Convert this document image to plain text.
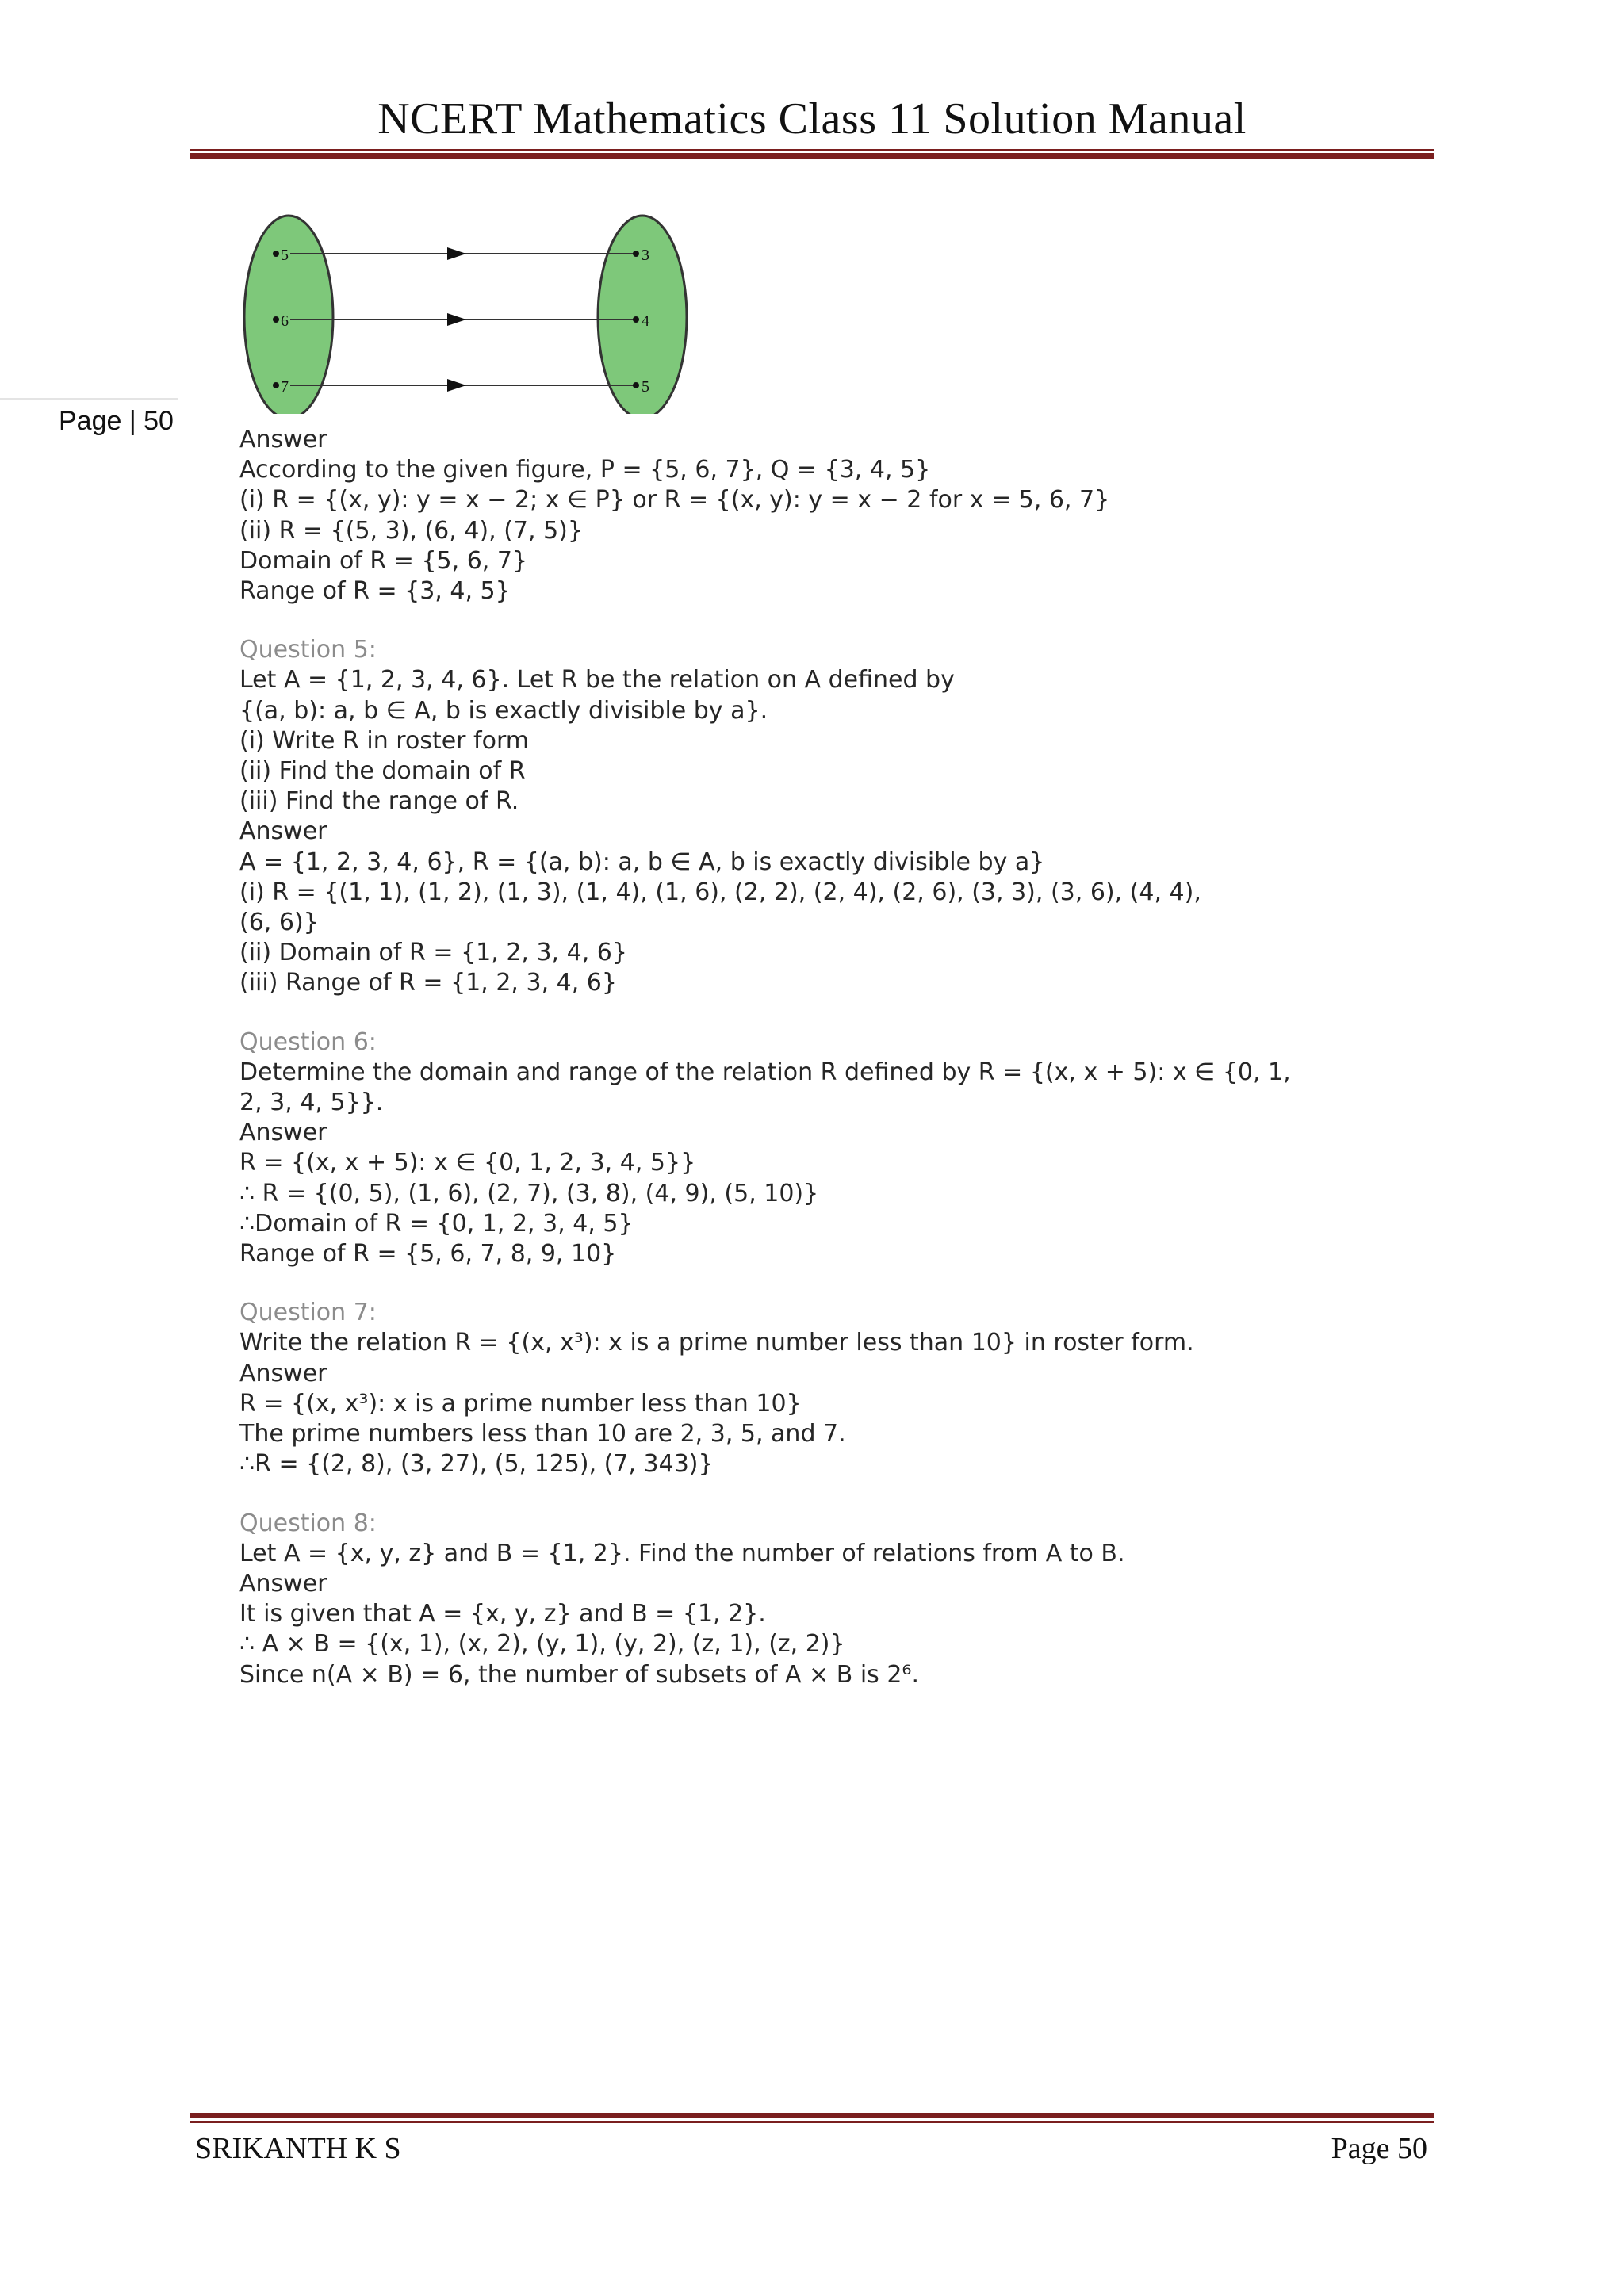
NCERT Mathematics Class 11 Solution Manual
Page | 50
5
6
7
3
4
5

Answer

According to the given figure, P = {5, 6, 7}, Q = {3, 4, 5}

(i) R = {(x, y): y = x − 2; x ∈ P} or R = {(x, y): y = x − 2 for x = 5, 6, 7}

(ii) R = {(5, 3), (6, 4), (7, 5)}

Domain of R = {5, 6, 7}

Range of R = {3, 4, 5}

Question 5:

Let A = {1, 2, 3, 4, 6}. Let R be the relation on A defined by

{(a, b): a, b ∈ A, b is exactly divisible by a}.

(i) Write R in roster form

(ii) Find the domain of R

(iii) Find the range of R.

Answer

A = {1, 2, 3, 4, 6}, R = {(a, b): a, b ∈ A, b is exactly divisible by a}

(i) R = {(1, 1), (1, 2), (1, 3), (1, 4), (1, 6), (2, 2), (2, 4), (2, 6), (3, 3), (3, 6), (4, 4),

(6, 6)}

(ii) Domain of R = {1, 2, 3, 4, 6}

(iii) Range of R = {1, 2, 3, 4, 6}

Question 6:

Determine the domain and range of the relation R defined by R = {(x, x + 5): x ∈ {0, 1,

2, 3, 4, 5}}.

Answer

R = {(x, x + 5): x ∈ {0, 1, 2, 3, 4, 5}}

∴ R = {(0, 5), (1, 6), (2, 7), (3, 8), (4, 9), (5, 10)}

∴Domain of R = {0, 1, 2, 3, 4, 5}

Range of R = {5, 6, 7, 8, 9, 10}

Question 7:

Write the relation R = {(x, x³): x is a prime number less than 10} in roster form.

Answer

R = {(x, x³): x is a prime number less than 10}

The prime numbers less than 10 are 2, 3, 5, and 7.

∴R = {(2, 8), (3, 27), (5, 125), (7, 343)}

Question 8:

Let A = {x, y, z} and B = {1, 2}. Find the number of relations from A to B.

Answer

It is given that A = {x, y, z} and B = {1, 2}.

∴ A × B = {(x, 1), (x, 2), (y, 1), (y, 2), (z, 1), (z, 2)}

Since n(A × B) = 6, the number of subsets of A × B is 2⁶.

SRIKANTH K S	Page 50
